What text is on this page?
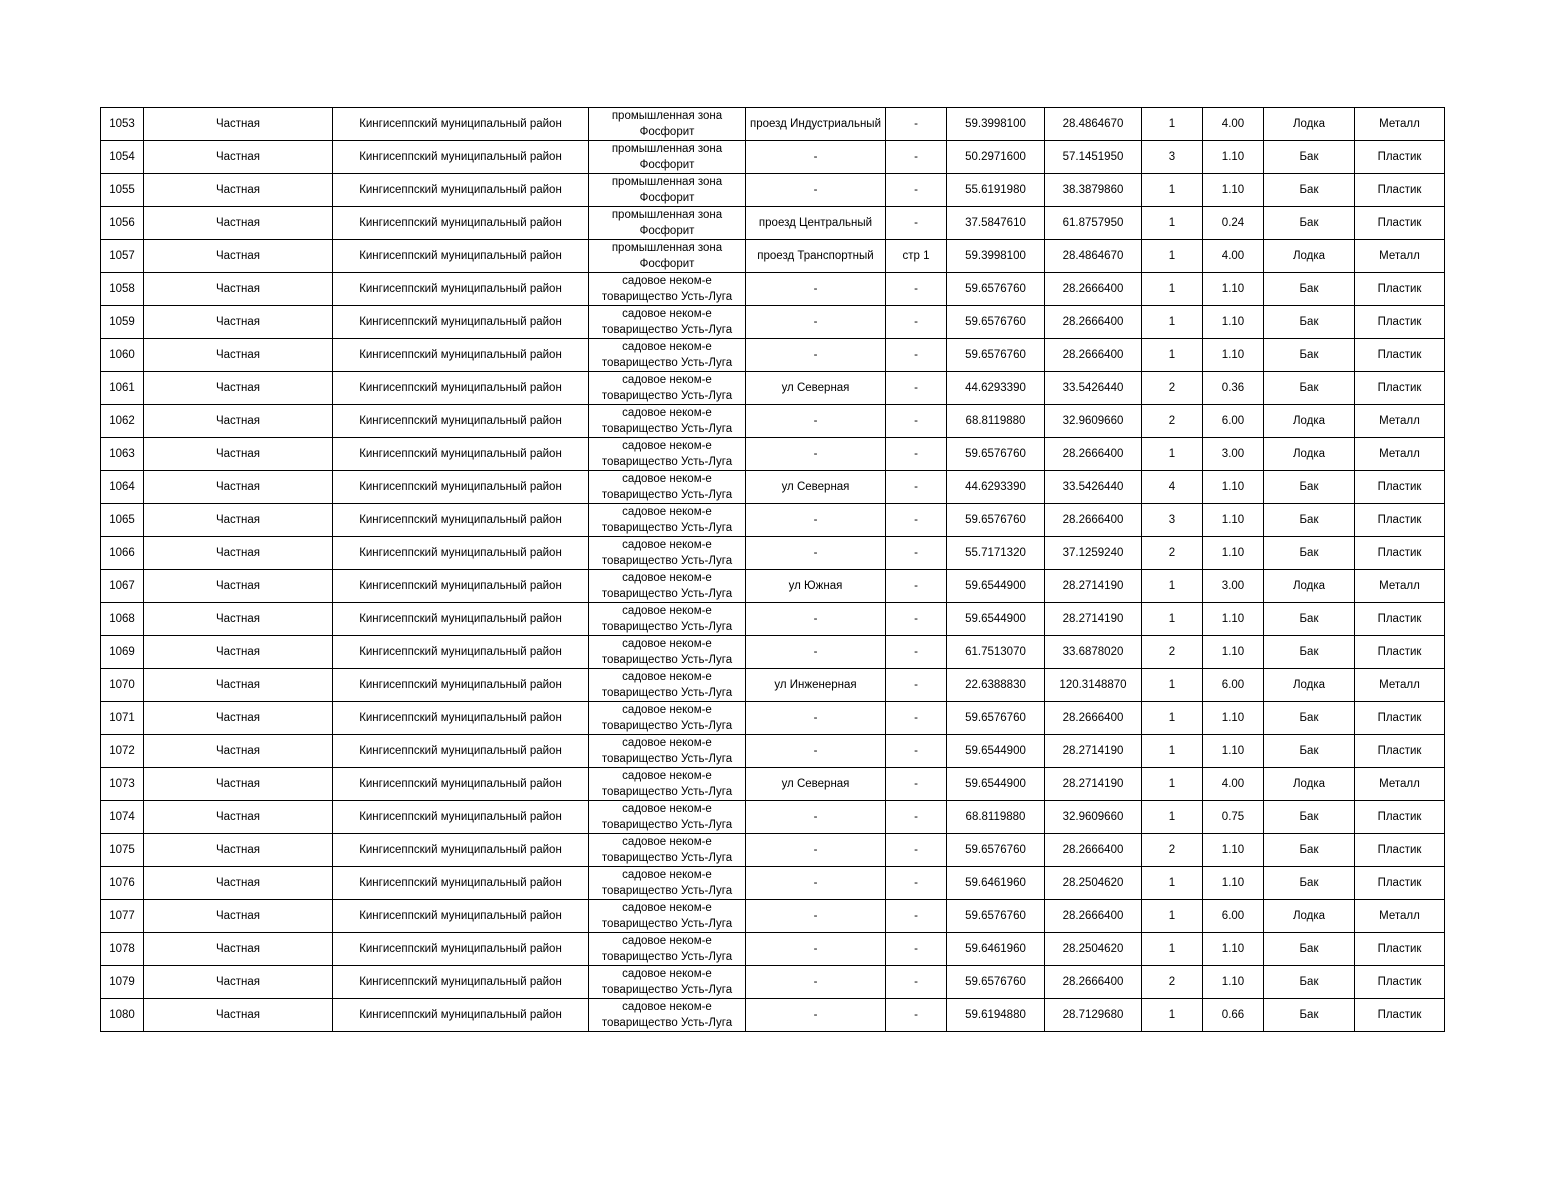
1053	Частная	Кингисеппский муниципальный район	промышленная зона Фосфорит	проезд Индустриальный	-	59.3998100	28.4864670	1	4.00	Лодка	Металл
1054	Частная	Кингисеппский муниципальный район	промышленная зона Фосфорит	-	-	50.2971600	57.1451950	3	1.10	Бак	Пластик
1055	Частная	Кингисеппский муниципальный район	промышленная зона Фосфорит	-	-	55.6191980	38.3879860	1	1.10	Бак	Пластик
1056	Частная	Кингисеппский муниципальный район	промышленная зона Фосфорит	проезд Центральный	-	37.5847610	61.8757950	1	0.24	Бак	Пластик
1057	Частная	Кингисеппский муниципальный район	промышленная зона Фосфорит	проезд Транспортный	стр 1	59.3998100	28.4864670	1	4.00	Лодка	Металл
1058	Частная	Кингисеппский муниципальный район	садовое неком-е товарищество Усть-Луга	-	-	59.6576760	28.2666400	1	1.10	Бак	Пластик
1059	Частная	Кингисеппский муниципальный район	садовое неком-е товарищество Усть-Луга	-	-	59.6576760	28.2666400	1	1.10	Бак	Пластик
1060	Частная	Кингисеппский муниципальный район	садовое неком-е товарищество Усть-Луга	-	-	59.6576760	28.2666400	1	1.10	Бак	Пластик
1061	Частная	Кингисеппский муниципальный район	садовое неком-е товарищество Усть-Луга	ул Северная	-	44.6293390	33.5426440	2	0.36	Бак	Пластик
1062	Частная	Кингисеппский муниципальный район	садовое неком-е товарищество Усть-Луга	-	-	68.8119880	32.9609660	2	6.00	Лодка	Металл
1063	Частная	Кингисеппский муниципальный район	садовое неком-е товарищество Усть-Луга	-	-	59.6576760	28.2666400	1	3.00	Лодка	Металл
1064	Частная	Кингисеппский муниципальный район	садовое неком-е товарищество Усть-Луга	ул Северная	-	44.6293390	33.5426440	4	1.10	Бак	Пластик
1065	Частная	Кингисеппский муниципальный район	садовое неком-е товарищество Усть-Луга	-	-	59.6576760	28.2666400	3	1.10	Бак	Пластик
1066	Частная	Кингисеппский муниципальный район	садовое неком-е товарищество Усть-Луга	-	-	55.7171320	37.1259240	2	1.10	Бак	Пластик
1067	Частная	Кингисеппский муниципальный район	садовое неком-е товарищество Усть-Луга	ул Южная	-	59.6544900	28.2714190	1	3.00	Лодка	Металл
1068	Частная	Кингисеппский муниципальный район	садовое неком-е товарищество Усть-Луга	-	-	59.6544900	28.2714190	1	1.10	Бак	Пластик
1069	Частная	Кингисеппский муниципальный район	садовое неком-е товарищество Усть-Луга	-	-	61.7513070	33.6878020	2	1.10	Бак	Пластик
1070	Частная	Кингисеппский муниципальный район	садовое неком-е товарищество Усть-Луга	ул Инженерная	-	22.6388830	120.3148870	1	6.00	Лодка	Металл
1071	Частная	Кингисеппский муниципальный район	садовое неком-е товарищество Усть-Луга	-	-	59.6576760	28.2666400	1	1.10	Бак	Пластик
1072	Частная	Кингисеппский муниципальный район	садовое неком-е товарищество Усть-Луга	-	-	59.6544900	28.2714190	1	1.10	Бак	Пластик
1073	Частная	Кингисеппский муниципальный район	садовое неком-е товарищество Усть-Луга	ул Северная	-	59.6544900	28.2714190	1	4.00	Лодка	Металл
1074	Частная	Кингисеппский муниципальный район	садовое неком-е товарищество Усть-Луга	-	-	68.8119880	32.9609660	1	0.75	Бак	Пластик
1075	Частная	Кингисеппский муниципальный район	садовое неком-е товарищество Усть-Луга	-	-	59.6576760	28.2666400	2	1.10	Бак	Пластик
1076	Частная	Кингисеппский муниципальный район	садовое неком-е товарищество Усть-Луга	-	-	59.6461960	28.2504620	1	1.10	Бак	Пластик
1077	Частная	Кингисеппский муниципальный район	садовое неком-е товарищество Усть-Луга	-	-	59.6576760	28.2666400	1	6.00	Лодка	Металл
1078	Частная	Кингисеппский муниципальный район	садовое неком-е товарищество Усть-Луга	-	-	59.6461960	28.2504620	1	1.10	Бак	Пластик
1079	Частная	Кингисеппский муниципальный район	садовое неком-е товарищество Усть-Луга	-	-	59.6576760	28.2666400	2	1.10	Бак	Пластик
1080	Частная	Кингисеппский муниципальный район	садовое неком-е товарищество Усть-Луга	-	-	59.6194880	28.7129680	1	0.66	Бак	Пластик
